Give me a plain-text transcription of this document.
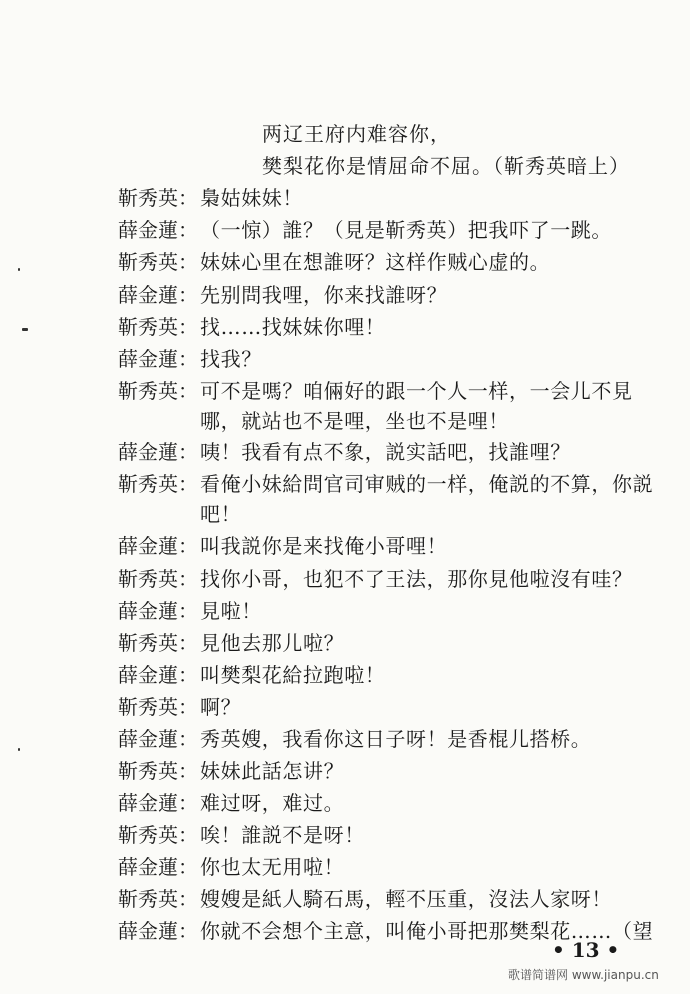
两辽王府内难容你，
樊梨花你是情屈命不屈。（靳秀英暗上）
靳秀英： 梟姑妹妹！
薛金蓮： （一惊）誰？（見是靳秀英）把我吓了一跳。
靳秀英： 妹妹心里在想誰呀？这样作贼心虚的。
薛金蓮： 先别問我哩，你来找誰呀？
靳秀英： 找……找妹妹你哩！
薛金蓮： 找我？
靳秀英： 可不是嗎？咱倆好的跟一个人一样，一会儿不見
哪，就站也不是哩，坐也不是哩！
薛金蓮： 咦！我看有点不象，説实話吧，找誰哩？
靳秀英： 看俺小妹給問官司审贼的一样，俺説的不算，你説
吧！
薛金蓮： 叫我説你是来找俺小哥哩！
靳秀英： 找你小哥，也犯不了王法，那你見他啦沒有哇？
薛金蓮： 見啦！
靳秀英： 見他去那儿啦？
薛金蓮： 叫樊梨花給拉跑啦！
靳秀英： 啊？
薛金蓮： 秀英嫂，我看你这日子呀！是香棍儿搭桥。
靳秀英： 妹妹此話怎讲？
薛金蓮： 难过呀，难过。
靳秀英： 唉！誰説不是呀！
薛金蓮： 你也太无用啦！
靳秀英： 嫂嫂是紙人騎石馬，輕不压重，沒法人家呀！
薛金蓮： 你就不会想个主意，叫俺小哥把那樊梨花……（望
• 13 •
歌谱简谱网 www.jianpu.cn
